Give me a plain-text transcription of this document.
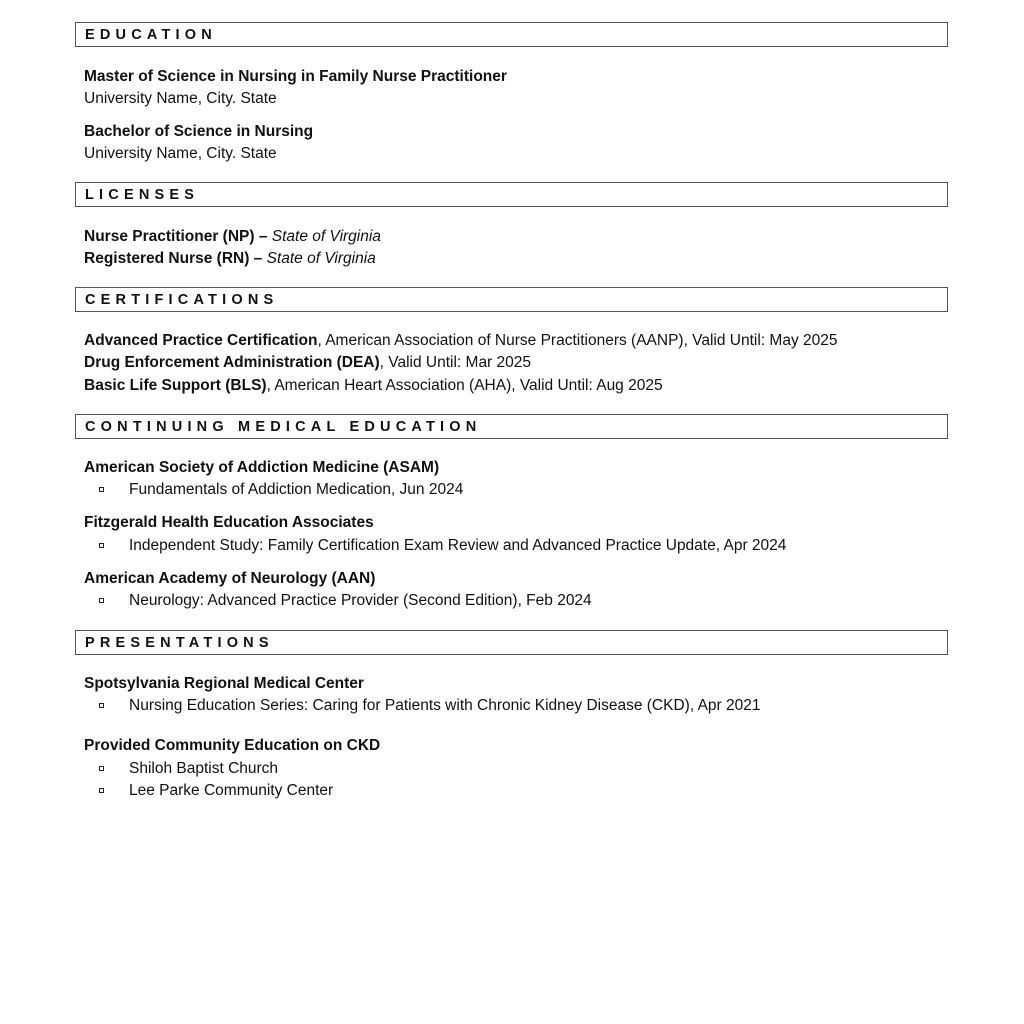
EDUCATION
Master of Science in Nursing in Family Nurse Practitioner
University Name, City. State
Bachelor of Science in Nursing
University Name, City. State
LICENSES
Nurse Practitioner (NP) – State of Virginia
Registered Nurse (RN) – State of Virginia
CERTIFICATIONS
Advanced Practice Certification, American Association of Nurse Practitioners (AANP), Valid Until: May 2025
Drug Enforcement Administration (DEA), Valid Until: Mar 2025
Basic Life Support (BLS), American Heart Association (AHA), Valid Until: Aug 2025
CONTINUING MEDICAL EDUCATION
American Society of Addiction Medicine (ASAM)
Fundamentals of Addiction Medication, Jun 2024
Fitzgerald Health Education Associates
Independent Study: Family Certification Exam Review and Advanced Practice Update, Apr 2024
American Academy of Neurology (AAN)
Neurology: Advanced Practice Provider (Second Edition), Feb 2024
PRESENTATIONS
Spotsylvania Regional Medical Center
Nursing Education Series: Caring for Patients with Chronic Kidney Disease (CKD), Apr 2021
Provided Community Education on CKD
Shiloh Baptist Church
Lee Parke Community Center
